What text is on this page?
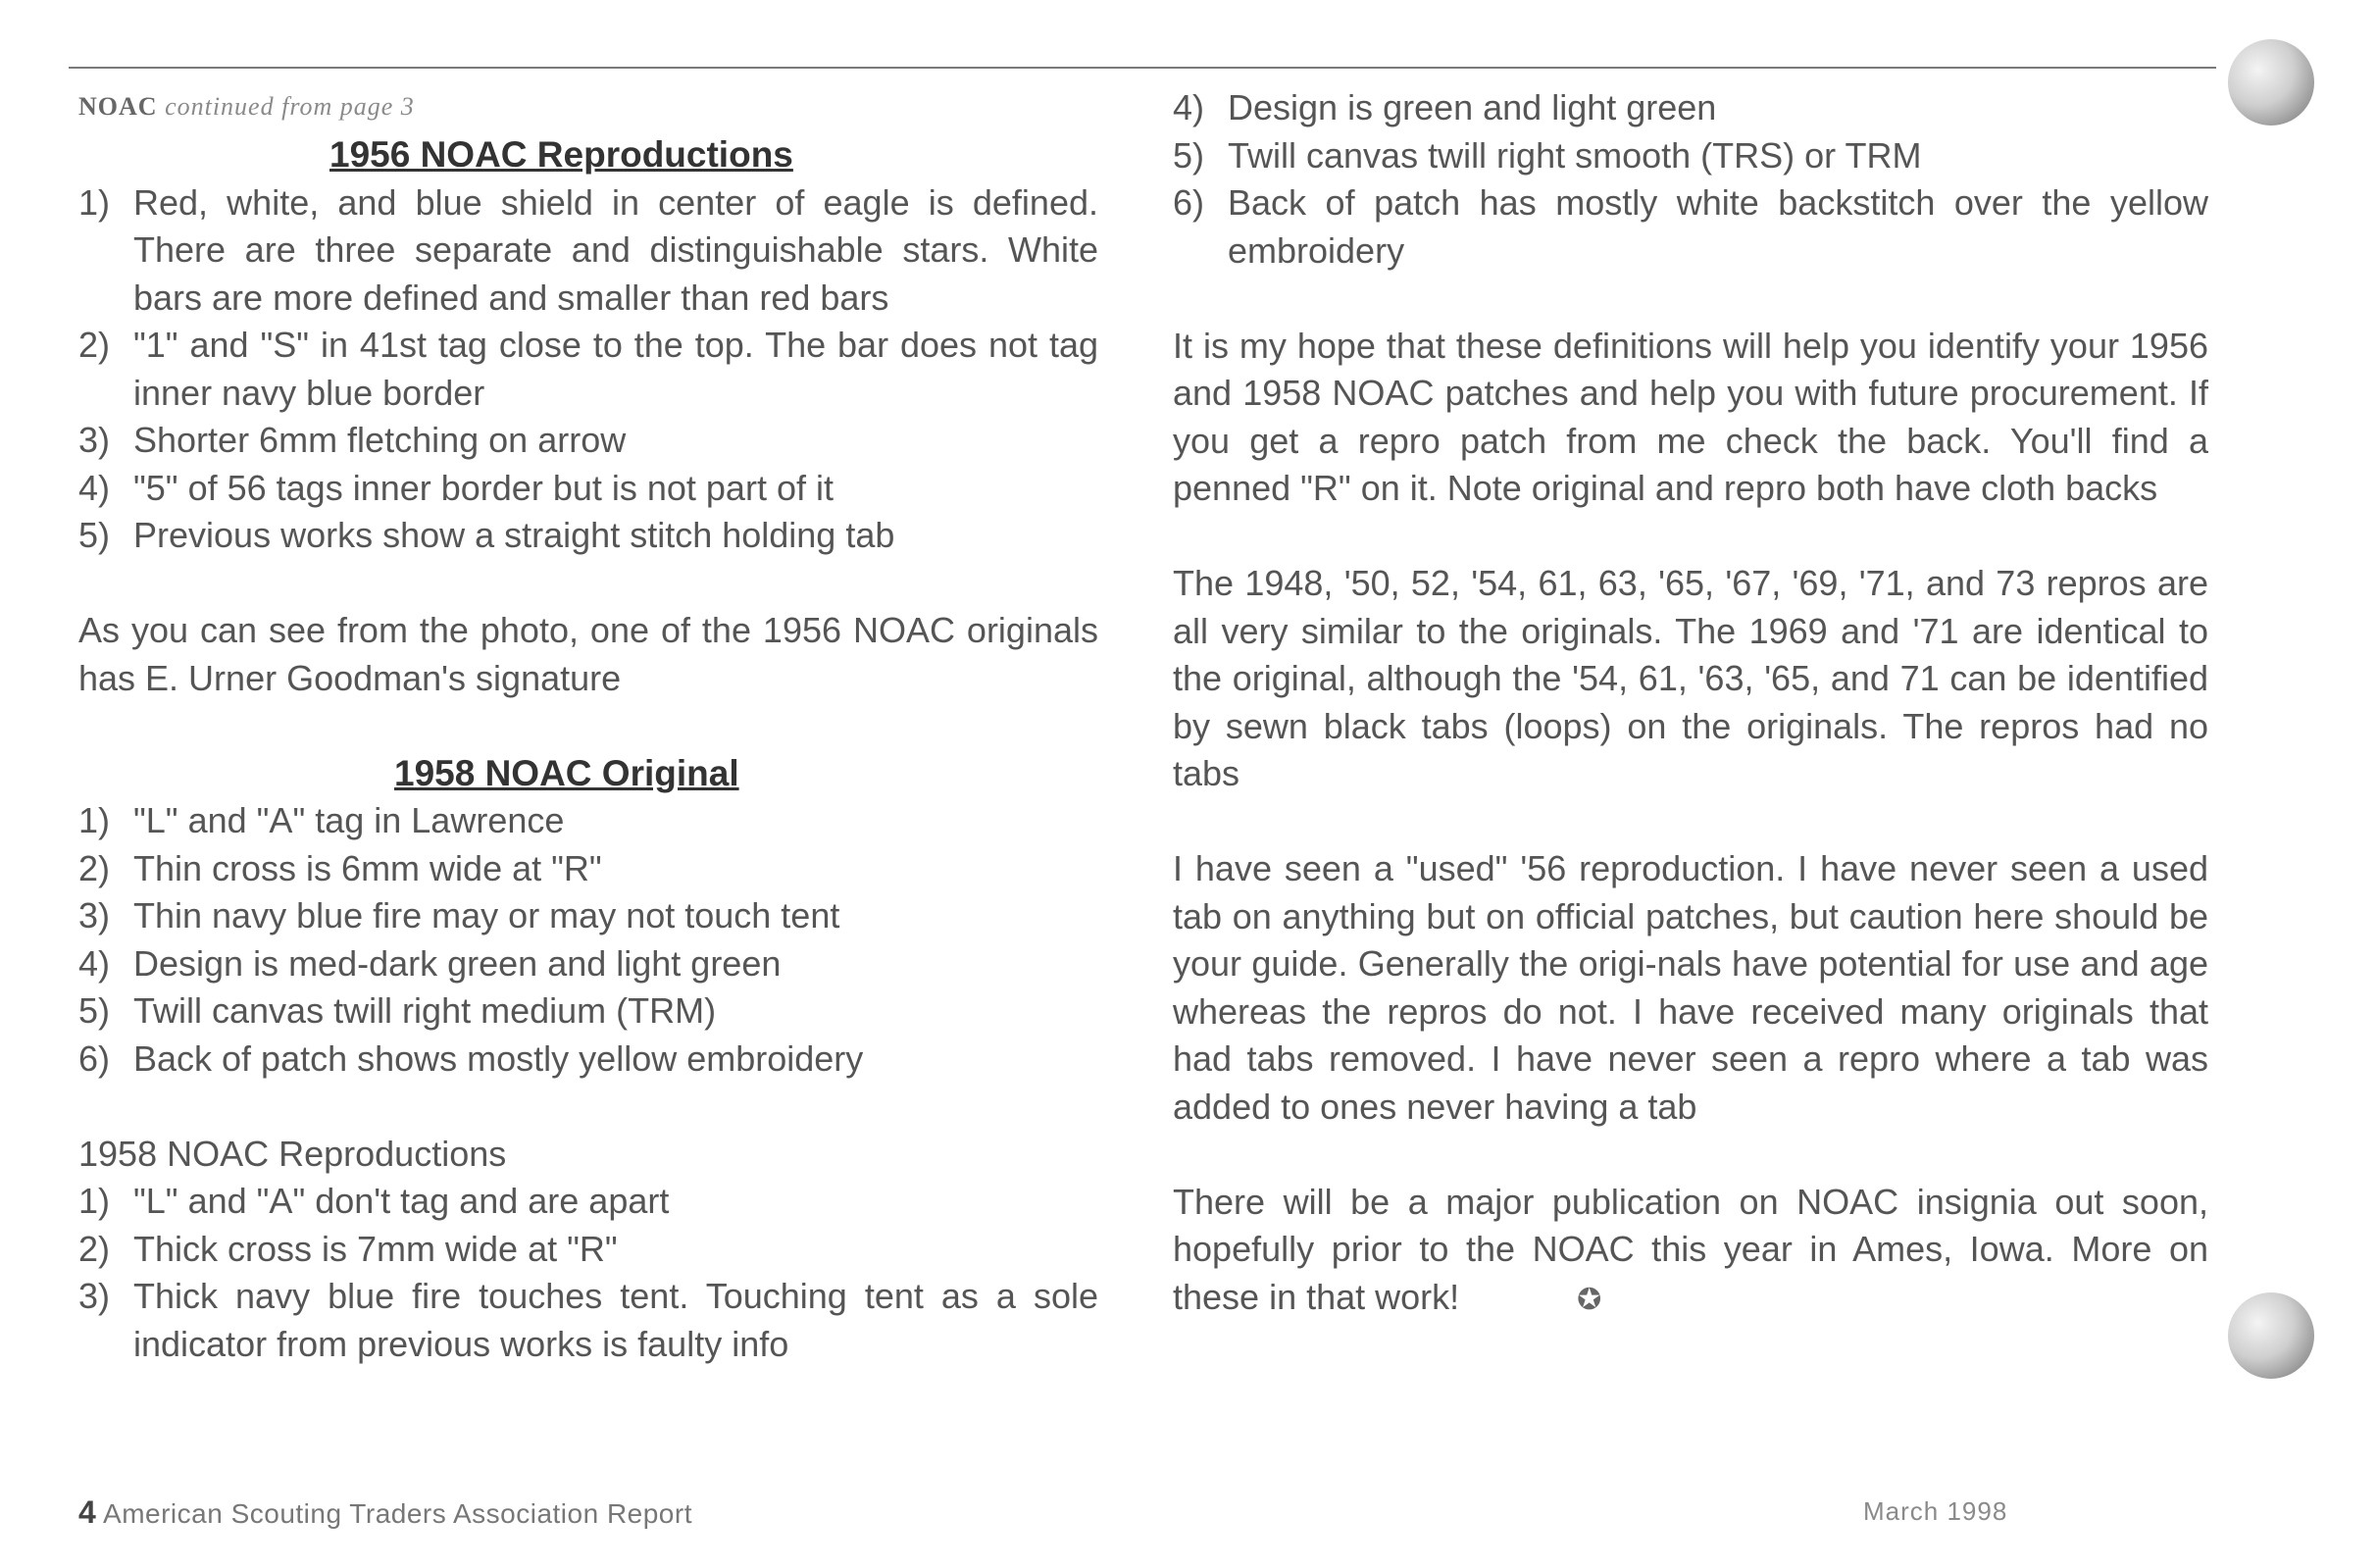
NOAC continued from page 3
1956 NOAC Reproductions
1) Red, white, and blue shield in center of eagle is defined. There are three separate and distinguishable stars. White bars are more defined and smaller than red bars
2) "1" and "S" in 41st tag close to the top. The bar does not tag inner navy blue border
3) Shorter 6mm fletching on arrow
4) "5" of 56 tags inner border but is not part of it
5) Previous works show a straight stitch holding tab
As you can see from the photo, one of the 1956 NOAC originals has E. Urner Goodman's signature
1958 NOAC Original
1) "L" and "A" tag in Lawrence
2) Thin cross is 6mm wide at "R"
3) Thin navy blue fire may or may not touch tent
4) Design is med-dark green and light green
5) Twill canvas twill right medium (TRM)
6) Back of patch shows mostly yellow embroidery
1958 NOAC Reproductions
1) "L" and "A" don't tag and are apart
2) Thick cross is 7mm wide at "R"
3) Thick navy blue fire touches tent. Touching tent as a sole indicator from previous works is faulty info
4) Design is green and light green
5) Twill canvas twill right smooth (TRS) or TRM
6) Back of patch has mostly white backstitch over the yellow embroidery
It is my hope that these definitions will help you identify your 1956 and 1958 NOAC patches and help you with future procurement. If you get a repro patch from me check the back. You'll find a penned "R" on it. Note original and repro both have cloth backs
The 1948, '50, 52, '54, 61, 63, '65, '67, '69, '71, and 73 repros are all very similar to the originals. The 1969 and '71 are identical to the original, although the '54, 61, '63, '65, and 71 can be identified by sewn black tabs (loops) on the originals. The repros had no tabs
I have seen a "used" '56 reproduction. I have never seen a used tab on anything but on official patches, but caution here should be your guide. Generally the origi-nals have potential for use and age whereas the repros do not. I have received many originals that had tabs removed. I have never seen a repro where a tab was added to ones never having a tab
There will be a major publication on NOAC insignia out soon, hopefully prior to the NOAC this year in Ames, Iowa. More on these in that work!	✪
4 American Scouting Traders Association Report	March 1998
